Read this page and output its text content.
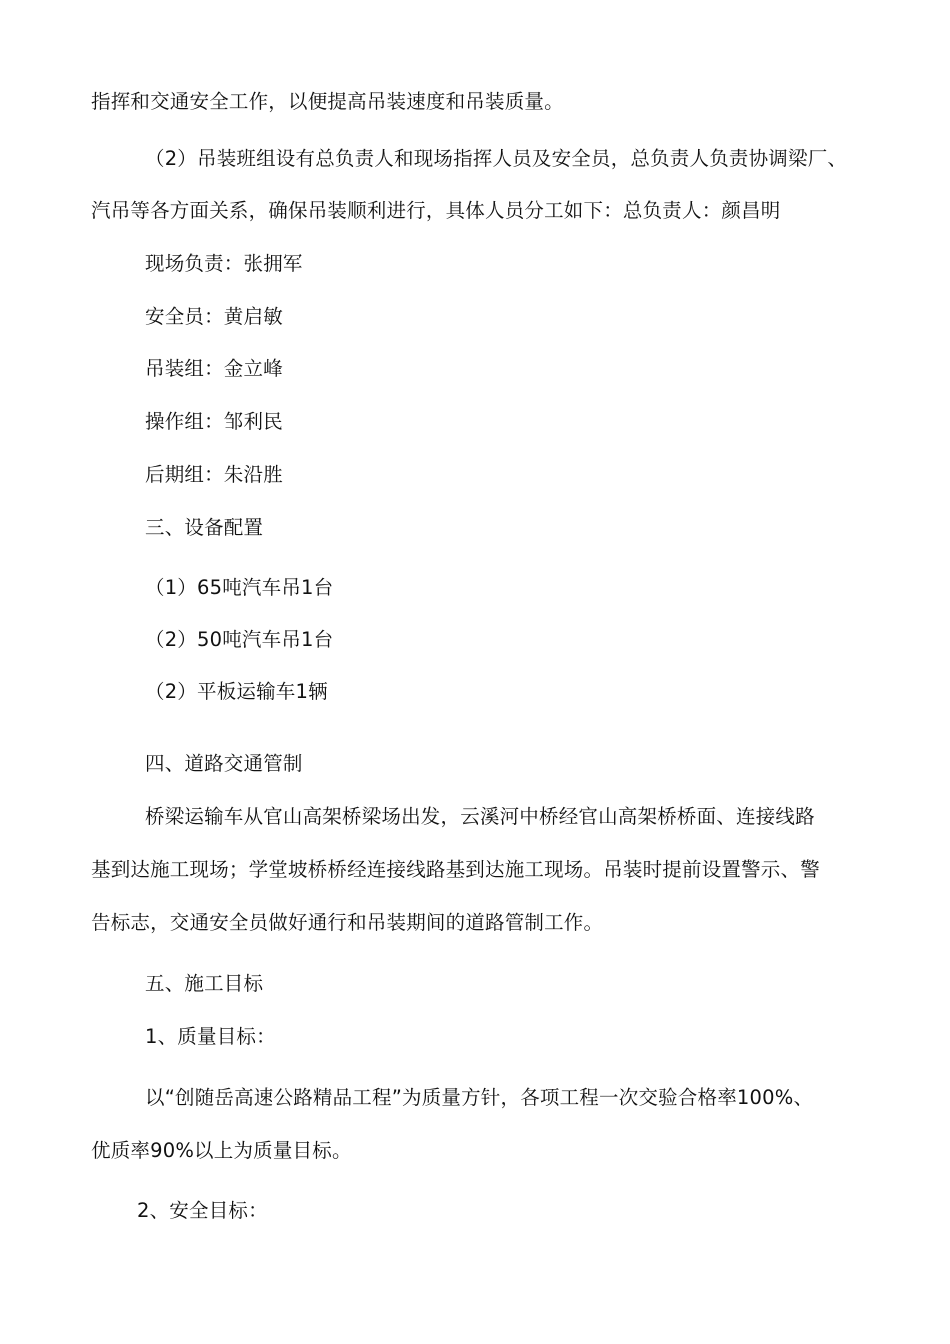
指挥和交通安全工作，以便提高吊装速度和吊装质量。
（2）吊装班组设有总负责人和现场指挥人员及安全员，总负责人负责协调梁厂、
汽吊等各方面关系，确保吊装顺利进行，具体人员分工如下：总负责人：颜昌明
现场负责：张拥军
安全员：黄启敏
吊装组：金立峰
操作组：邹利民
后期组：朱沿胜
三、设备配置
（1）65吨汽车吊1台
（2）50吨汽车吊1台
（2）平板运输车1辆
四、道路交通管制
桥梁运输车从官山高架桥梁场出发，云溪河中桥经官山高架桥桥面、连接线路
基到达施工现场；学堂坡桥桥经连接线路基到达施工现场。吊装时提前设置警示、警
告标志，交通安全员做好通行和吊装期间的道路管制工作。
五、施工目标
1、质量目标：
以“创随岳高速公路精品工程”为质量方针，各项工程一次交验合格率100%、
优质率90%以上为质量目标。
2、安全目标：
